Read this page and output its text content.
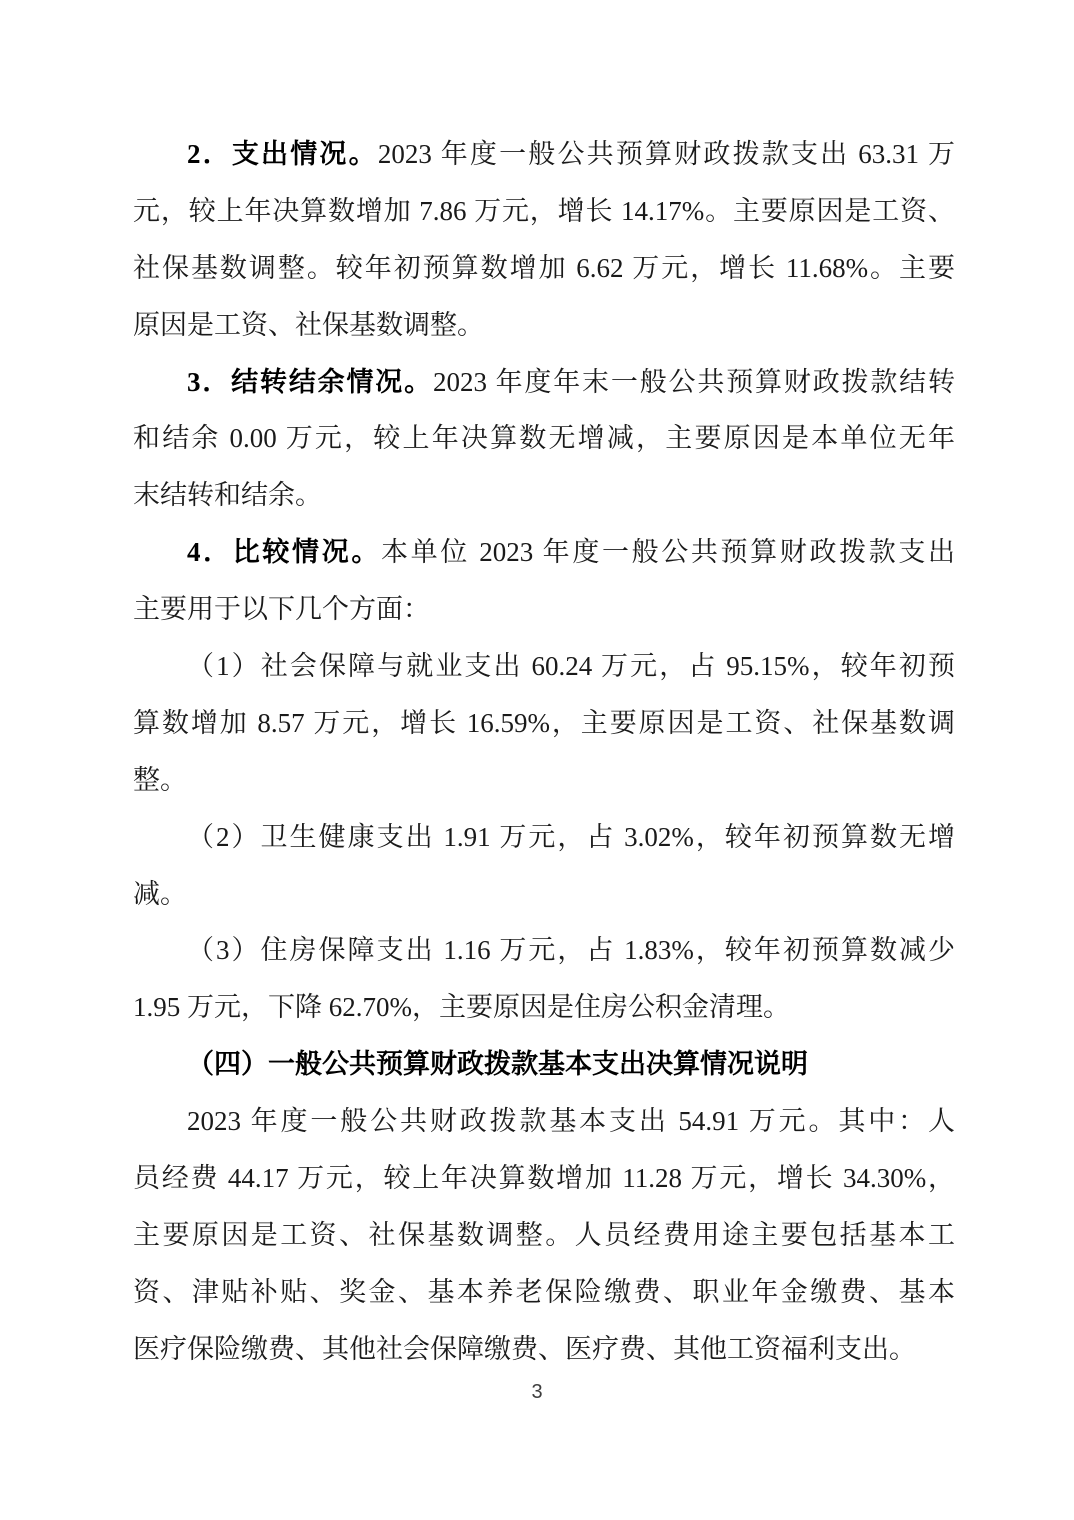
2．支出情况。2023 年度一般公共预算财政拨款支出 63.31 万
元，较上年决算数增加 7.86 万元，增长 14.17%。主要原因是工资、
社保基数调整。较年初预算数增加 6.62 万元，增长 11.68%。主要
原因是工资、社保基数调整。
3．结转结余情况。2023 年度年末一般公共预算财政拨款结转
和结余 0.00 万元，较上年决算数无增减，主要原因是本单位无年
末结转和结余。
4．比较情况。本单位 2023 年度一般公共预算财政拨款支出
主要用于以下几个方面：
（1）社会保障与就业支出 60.24 万元，占 95.15%，较年初预
算数增加 8.57 万元，增长 16.59%，主要原因是工资、社保基数调
整。
（2）卫生健康支出 1.91 万元，占 3.02%，较年初预算数无增
减。
（3）住房保障支出 1.16 万元，占 1.83%，较年初预算数减少
1.95 万元，下降 62.70%，主要原因是住房公积金清理。
（四）一般公共预算财政拨款基本支出决算情况说明
2023 年度一般公共财政拨款基本支出 54.91 万元。其中：人
员经费 44.17 万元，较上年决算数增加 11.28 万元，增长 34.30%，
主要原因是工资、社保基数调整。人员经费用途主要包括基本工
资、津贴补贴、奖金、基本养老保险缴费、职业年金缴费、基本
医疗保险缴费、其他社会保障缴费、医疗费、其他工资福利支出。
3
